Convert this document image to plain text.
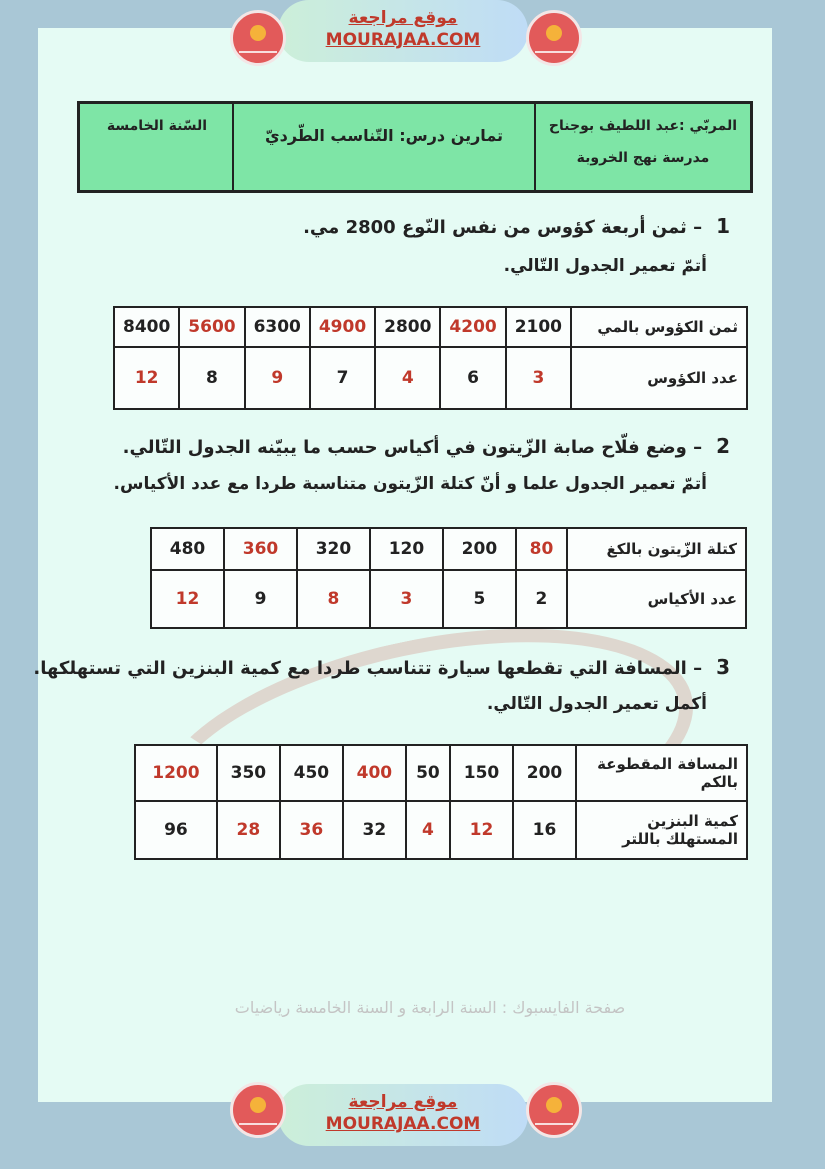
موقع مراجعة
MOURAJAA.COM
المربّي :عبد اللطيف بوجناح

مدرسة نهج الخروبة
تمارين درس: التّناسب الطّرديّ
السّنة الخامسة
1– ثمن أربعة كؤوس من نفس النّوع 2800 مي.
أتمّ تعمير الجدول التّالي.
ثمن الكؤوس بالمي	2100	4200	2800	4900	6300	5600	8400
عدد الكؤوس	3	6	4	7	9	8	12
2– وضع فلّاح صابة الزّيتون في أكياس حسب ما يبيّنه الجدول التّالي.
أتمّ تعمير الجدول علما و أنّ كتلة الزّيتون متناسبة طردا مع عدد الأكياس.
كتلة الزّيتون بالكغ	80	200	120	320	360	480
عدد الأكياس	2	5	3	8	9	12
3– المسافة التي تقطعها سيارة تتناسب طردا مع كمية البنزين التي تستهلكها.
أكمل تعمير الجدول التّالي.
المسافة المقطوعة بالكم	200	150	50	400	450	350	1200
كمية البنزين المستهلك باللتر	16	12	4	32	36	28	96
صفحة الفايسبوك : السنة الرابعة و السنة الخامسة رياضيات
موقع مراجعة
MOURAJAA.COM
